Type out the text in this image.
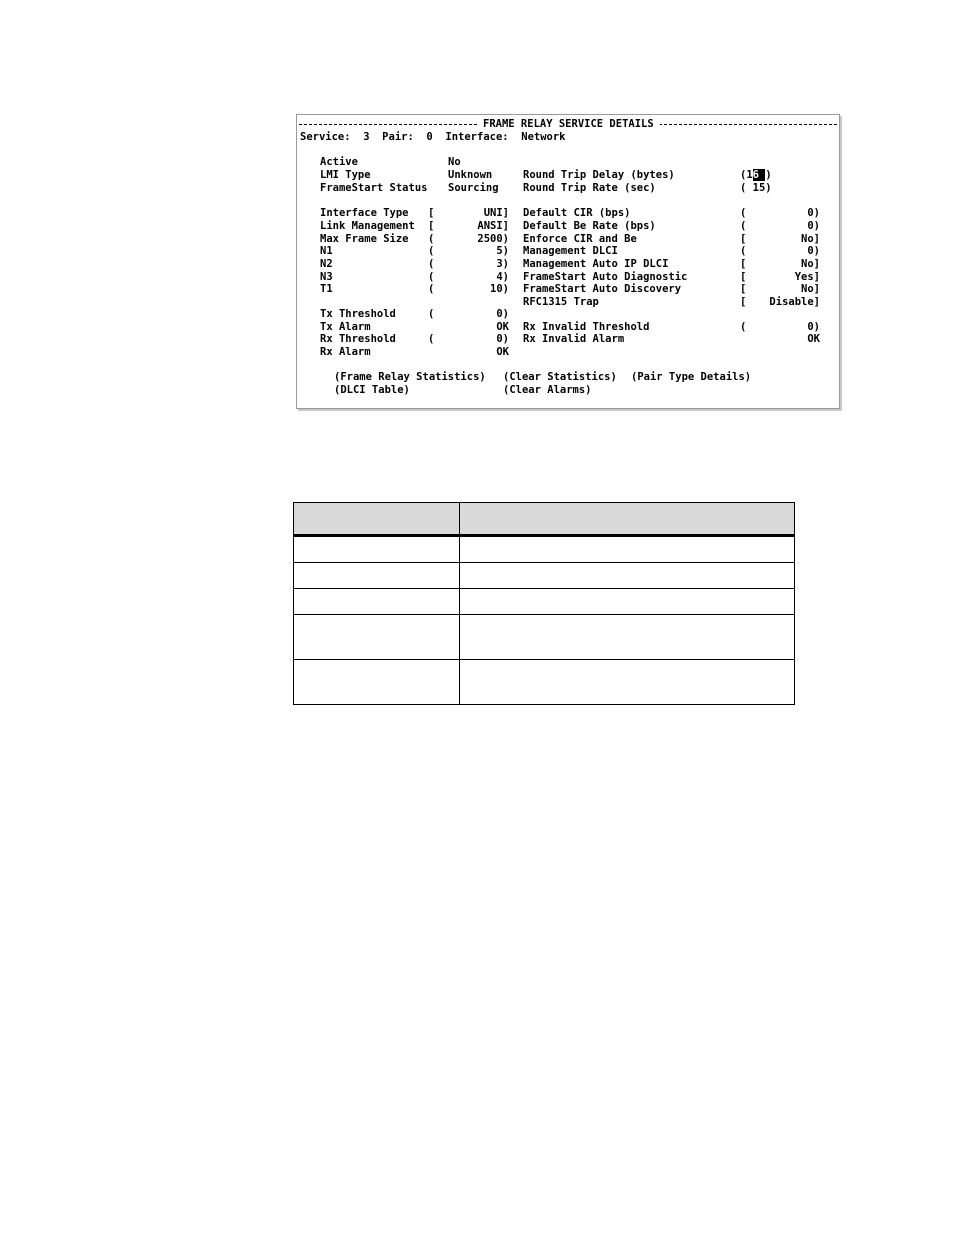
FRAME RELAY SERVICE DETAILS
Service:  3  Pair:  0  Interface:  Network
Active	No
LMI Type	Unknown
FrameStart Status Sourcing
Round Trip Delay (bytes)	(16 )
Round Trip Rate (sec)	( 15)
Interface Type [	UNI]
Link Management [	ANSI]
Max Frame Size (	2500)
N1	(	5)
N2	(	3)
N3	(	4)
T1	(	10)
Default CIR (bps)	(	0)
Default Be Rate (bps)	(	0)
Enforce CIR and Be	[	No]
Management DLCI	(	0)
Management Auto IP DLCI	[	No]
FrameStart Auto Diagnostic	[	Yes]
FrameStart Auto Discovery	[	No]
RFC1315 Trap	[	Disable]
Tx Threshold	(	0)
Tx Alarm	OK
Rx Threshold	(	0)
Rx Alarm	OK
Rx Invalid Threshold	(	0)
Rx Invalid Alarm	OK
(Frame Relay Statistics) (Clear Statistics) (Pair Type Details)
(DLCI Table)	(Clear Alarms)
